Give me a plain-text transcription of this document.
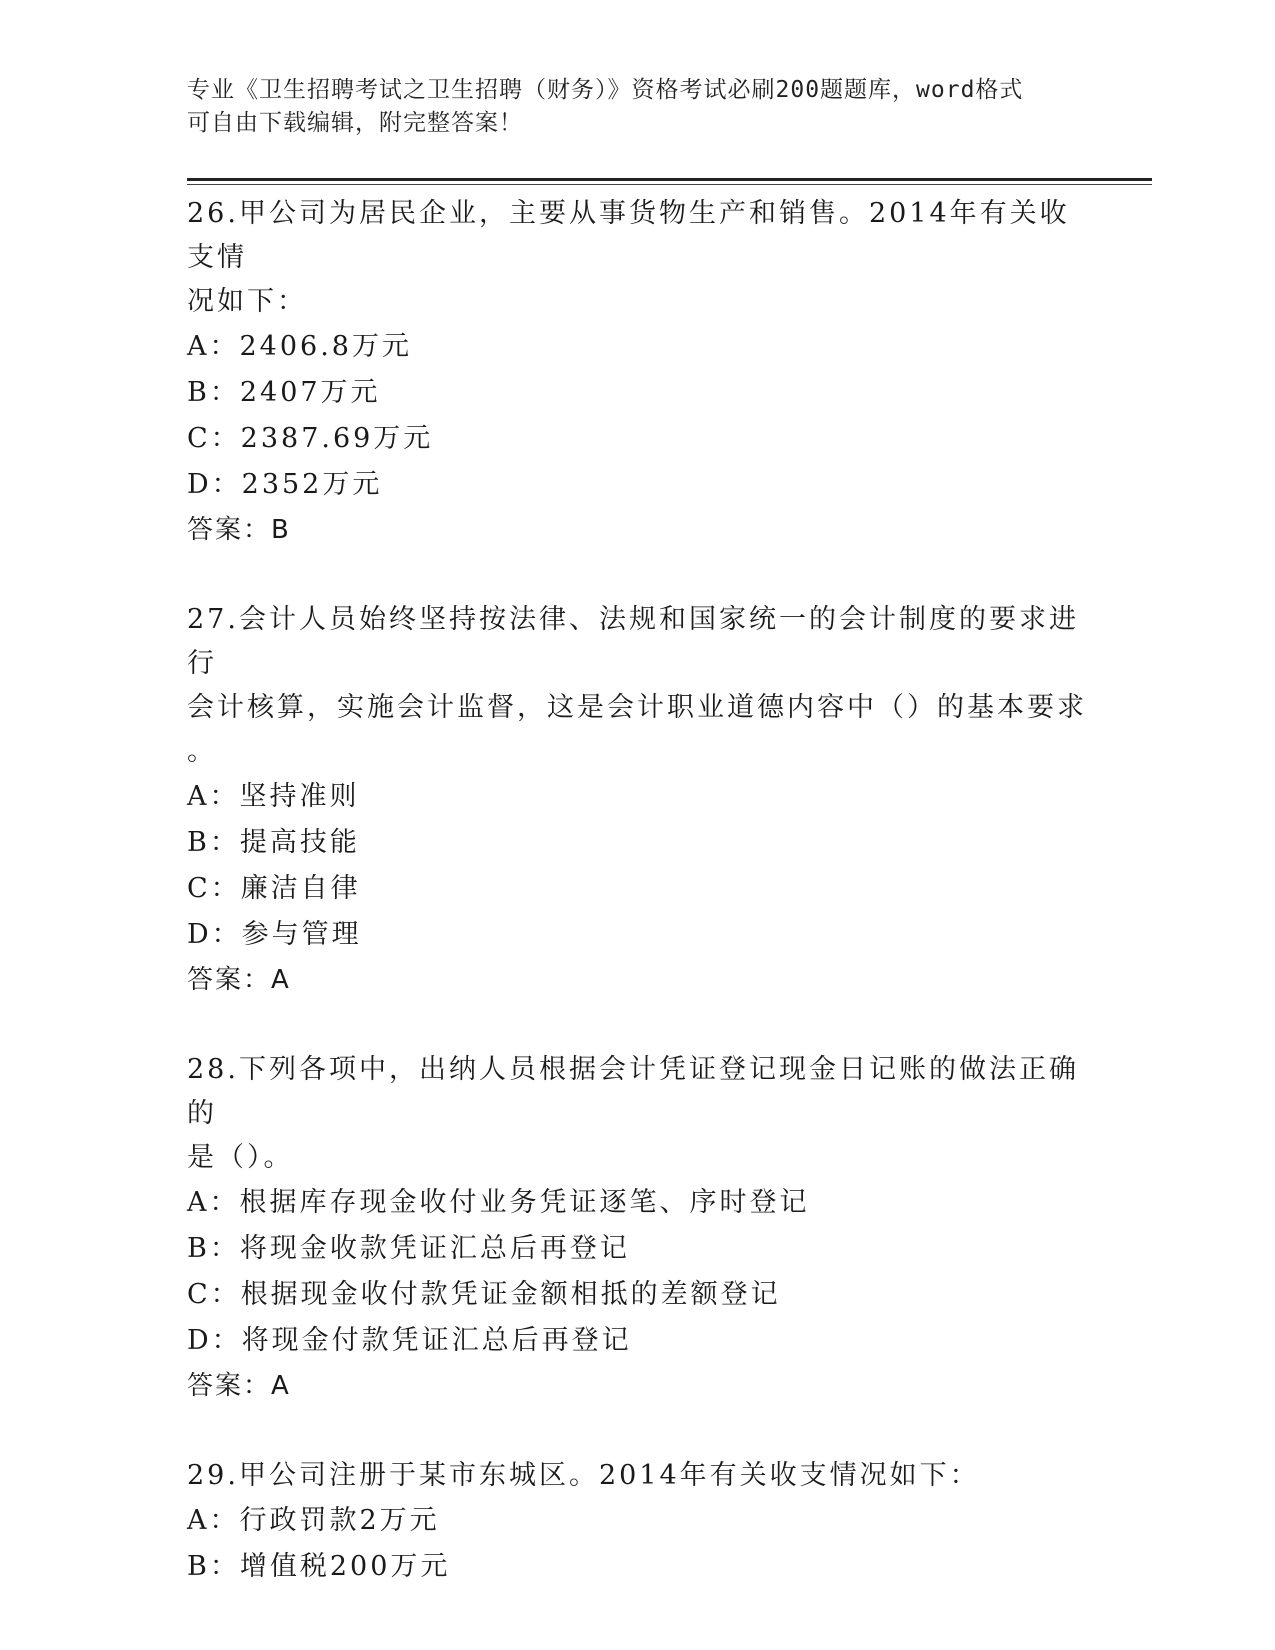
专业《卫生招聘考试之卫生招聘（财务）》资格考试必刷200题题库，word格式
可自由下载编辑，附完整答案！

26.甲公司为居民企业，主要从事货物生产和销售。2014年有关收支情

况如下：

A：2406.8万元

B：2407万元

C：2387.69万元

D：2352万元

答案：B

27.会计人员始终坚持按法律、法规和国家统一的会计制度的要求进行

会计核算，实施会计监督，这是会计职业道德内容中（）的基本要求

。

A：坚持准则

B：提高技能

C：廉洁自律

D：参与管理

答案：A

28.下列各项中，出纳人员根据会计凭证登记现金日记账的做法正确的

是（）。

A：根据库存现金收付业务凭证逐笔、序时登记

B：将现金收款凭证汇总后再登记

C：根据现金收付款凭证金额相抵的差额登记

D：将现金付款凭证汇总后再登记

答案：A

29.甲公司注册于某市东城区。2014年有关收支情况如下：

A：行政罚款2万元

B：增值税200万元
